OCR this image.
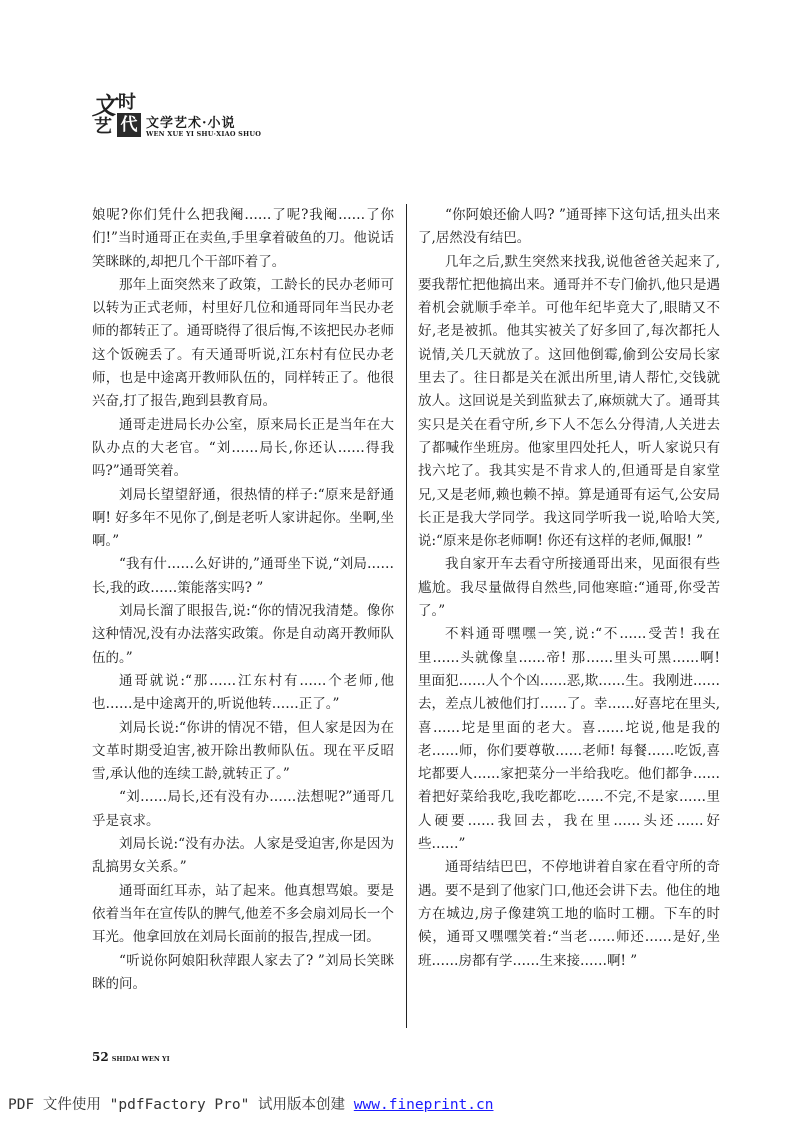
文 时
艺 代 文学艺术·小说
WEN XUE YI SHU·XIAO SHUO

娘呢?你们凭什么把我阉……了呢?我阉……了你们!”当时通哥正在卖鱼,手里拿着破鱼的刀。他说话笑眯眯的,却把几个干部吓着了。

那年上面突然来了政策，工龄长的民办老师可以转为正式老师，村里好几位和通哥同年当民办老师的都转正了。通哥晓得了很后悔,不该把民办老师这个饭碗丢了。有天通哥听说,江东村有位民办老师，也是中途离开教师队伍的，同样转正了。他很兴奋,打了报告,跑到县教育局。

通哥走进局长办公室，原来局长正是当年在大队办点的大老官。“刘……局长,你还认……得我吗?”通哥笑着。

刘局长望望舒通，很热情的样子:“原来是舒通啊! 好多年不见你了,倒是老听人家讲起你。坐啊,坐啊。”

“我有什……么好讲的,”通哥坐下说,“刘局……长,我的政……策能落实吗? ”

刘局长溜了眼报告,说:“你的情况我清楚。像你这种情况,没有办法落实政策。你是自动离开教师队伍的。”

通哥就说:“那……江东村有……个老师,他也……是中途离开的,听说他转……正了。”

刘局长说:“你讲的情况不错，但人家是因为在文革时期受迫害,被开除出教师队伍。现在平反昭雪,承认他的连续工龄,就转正了。”

“刘……局长,还有没有办……法想呢?”通哥几乎是哀求。

刘局长说:“没有办法。人家是受迫害,你是因为乱搞男女关系。”

通哥面红耳赤，站了起来。他真想骂娘。要是依着当年在宣传队的脾气,他差不多会扇刘局长一个耳光。他拿回放在刘局长面前的报告,捏成一团。

“听说你阿娘阳秋萍跟人家去了? ”刘局长笑眯眯的问。

“你阿娘还偷人吗? ”通哥摔下这句话,扭头出来了,居然没有结巴。

几年之后,默生突然来找我,说他爸爸关起来了,要我帮忙把他搞出来。通哥并不专门偷扒,他只是遇着机会就顺手牵羊。可他年纪毕竟大了,眼睛又不好,老是被抓。他其实被关了好多回了,每次都托人说情,关几天就放了。这回他倒霉,偷到公安局长家里去了。往日都是关在派出所里,请人帮忙,交钱就放人。这回说是关到监狱去了,麻烦就大了。通哥其实只是关在看守所,乡下人不怎么分得清,人关进去了都喊作坐班房。他家里四处托人，听人家说只有找六坨了。我其实是不肯求人的,但通哥是自家堂兄,又是老师,赖也赖不掉。算是通哥有运气,公安局长正是我大学同学。我这同学听我一说,哈哈大笑,说:“原来是你老师啊! 你还有这样的老师,佩服! ”

我自家开车去看守所接通哥出来，见面很有些尴尬。我尽量做得自然些,同他寒暄:“通哥,你受苦了。”

不料通哥嘿嘿一笑,说:“不……受苦! 我在里……头就像皇……帝! 那……里头可黑……啊! 里面犯……人个个凶……恶,欺……生。我刚进……去，差点儿被他们打……了。幸……好喜坨在里头,喜……坨是里面的老大。喜……坨说,他是我的老……师，你们要尊敬……老师! 每餐……吃饭,喜坨都要人……家把菜分一半给我吃。他们都争……着把好菜给我吃,我吃都吃……不完,不是家……里人硬要……我回去，我在里……头还……好些……”

通哥结结巴巴，不停地讲着自家在看守所的奇遇。要不是到了他家门口,他还会讲下去。他住的地方在城边,房子像建筑工地的临时工棚。下车的时候，通哥又嘿嘿笑着:“当老……师还……是好,坐班……房都有学……生来接……啊! ”

52 SHIDAI WEN YI
PDF 文件使用 "pdfFactory Pro" 试用版本创建 www.fineprint.cn
